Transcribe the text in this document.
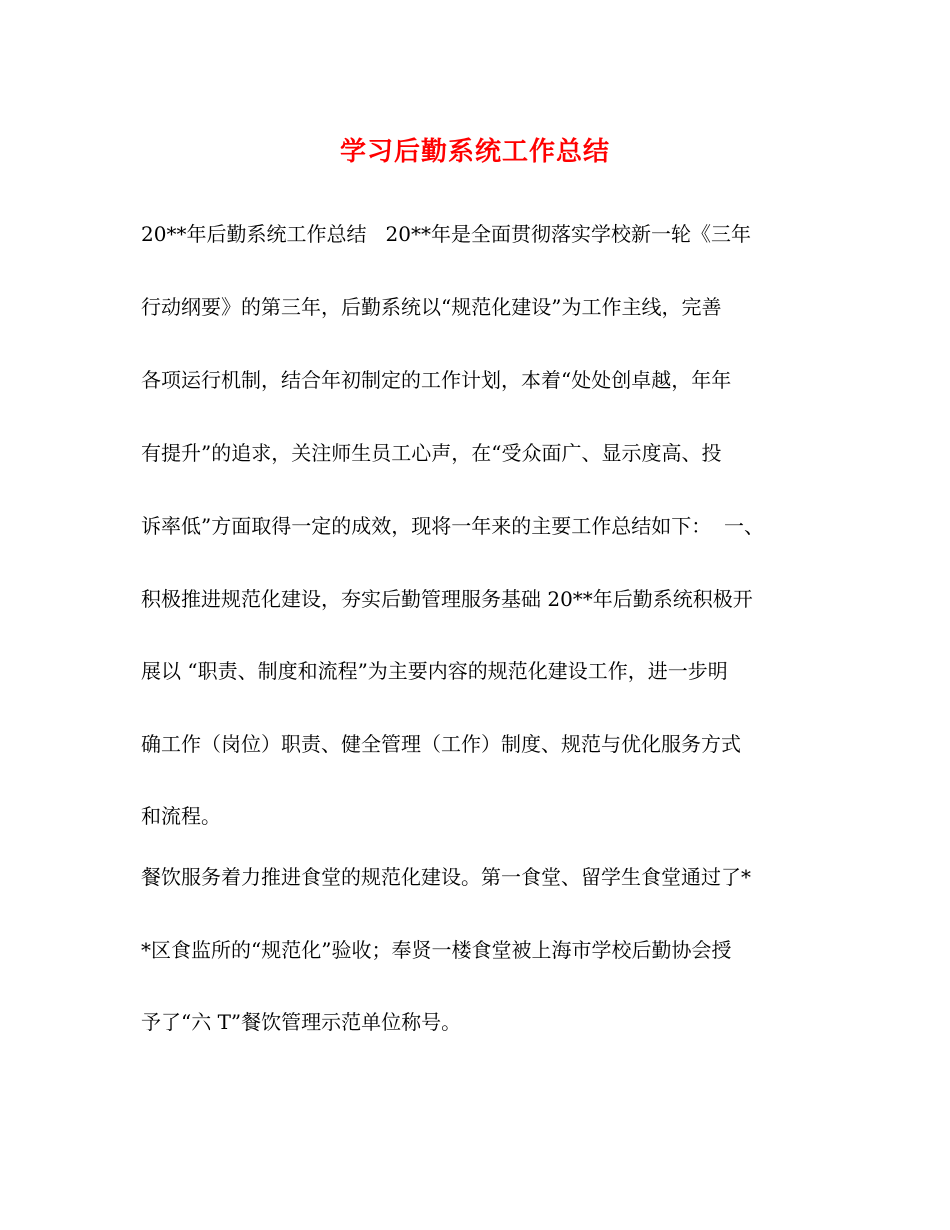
学习后勤系统工作总结

20**年后勤系统工作总结   20**年是全面贯彻落实学校新一轮《三年

行动纲要》的第三年，后勤系统以“规范化建设”为工作主线，完善

各项运行机制，结合年初制定的工作计划，本着“处处创卓越，年年

有提升”的追求，关注师生员工心声，在“受众面广、显示度高、投

诉率低”方面取得一定的成效，现将一年来的主要工作总结如下：  一、

积极推进规范化建设，夯实后勤管理服务基础 20**年后勤系统积极开

展以 “职责、制度和流程”为主要内容的规范化建设工作，进一步明

确工作（岗位）职责、健全管理（工作）制度、规范与优化服务方式

和流程。

餐饮服务着力推进食堂的规范化建设。第一食堂、留学生食堂通过了*

*区食监所的“规范化”验收；奉贤一楼食堂被上海市学校后勤协会授

予了“六 T”餐饮管理示范单位称号。
